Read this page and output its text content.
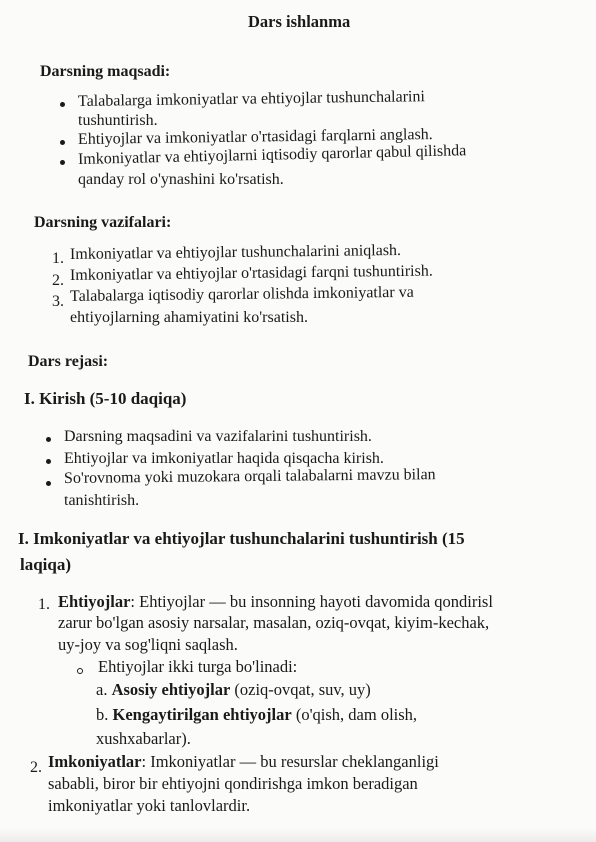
Dars ishlanma
Darsning maqsadi:
Talabalarga imkoniyatlar va ehtiyojlar tushunchalarini
tushuntirish.
Ehtiyojlar va imkoniyatlar o'rtasidagi farqlarni anglash.
Imkoniyatlar va ehtiyojlarni iqtisodiy qarorlar qabul qilishda
qanday rol o'ynashini ko'rsatish.
Darsning vazifalari:
1. Imkoniyatlar va ehtiyojlar tushunchalarini aniqlash.
2. Imkoniyatlar va ehtiyojlar o'rtasidagi farqni tushuntirish.
3. Talabalarga iqtisodiy qarorlar olishda imkoniyatlar va
ehtiyojlarning ahamiyatini ko'rsatish.
Dars rejasi:
I. Kirish (5-10 daqiqa)
Darsning maqsadini va vazifalarini tushuntirish.
Ehtiyojlar va imkoniyatlar haqida qisqacha kirish.
So'rovnoma yoki muzokara orqali talabalarni mavzu bilan
tanishtirish.
I. Imkoniyatlar va ehtiyojlar tushunchalarini tushuntirish (15
laqiqa)
1. Ehtiyojlar: Ehtiyojlar — bu insonning hayoti davomida qondirisl
zarur bo'lgan asosiy narsalar, masalan, oziq-ovqat, kiyim-kechak,
uy-joy va sog'liqni saqlash.
Ehtiyojlar ikki turga bo'linadi:
a. Asosiy ehtiyojlar (oziq-ovqat, suv, uy)
b. Kengaytirilgan ehtiyojlar (o'qish, dam olish,
xushxabarlar).
2. Imkoniyatlar: Imkoniyatlar — bu resurslar cheklanganligi
sababli, biror bir ehtiyojni qondirishga imkon beradigan
imkoniyatlar yoki tanlovlardir.
